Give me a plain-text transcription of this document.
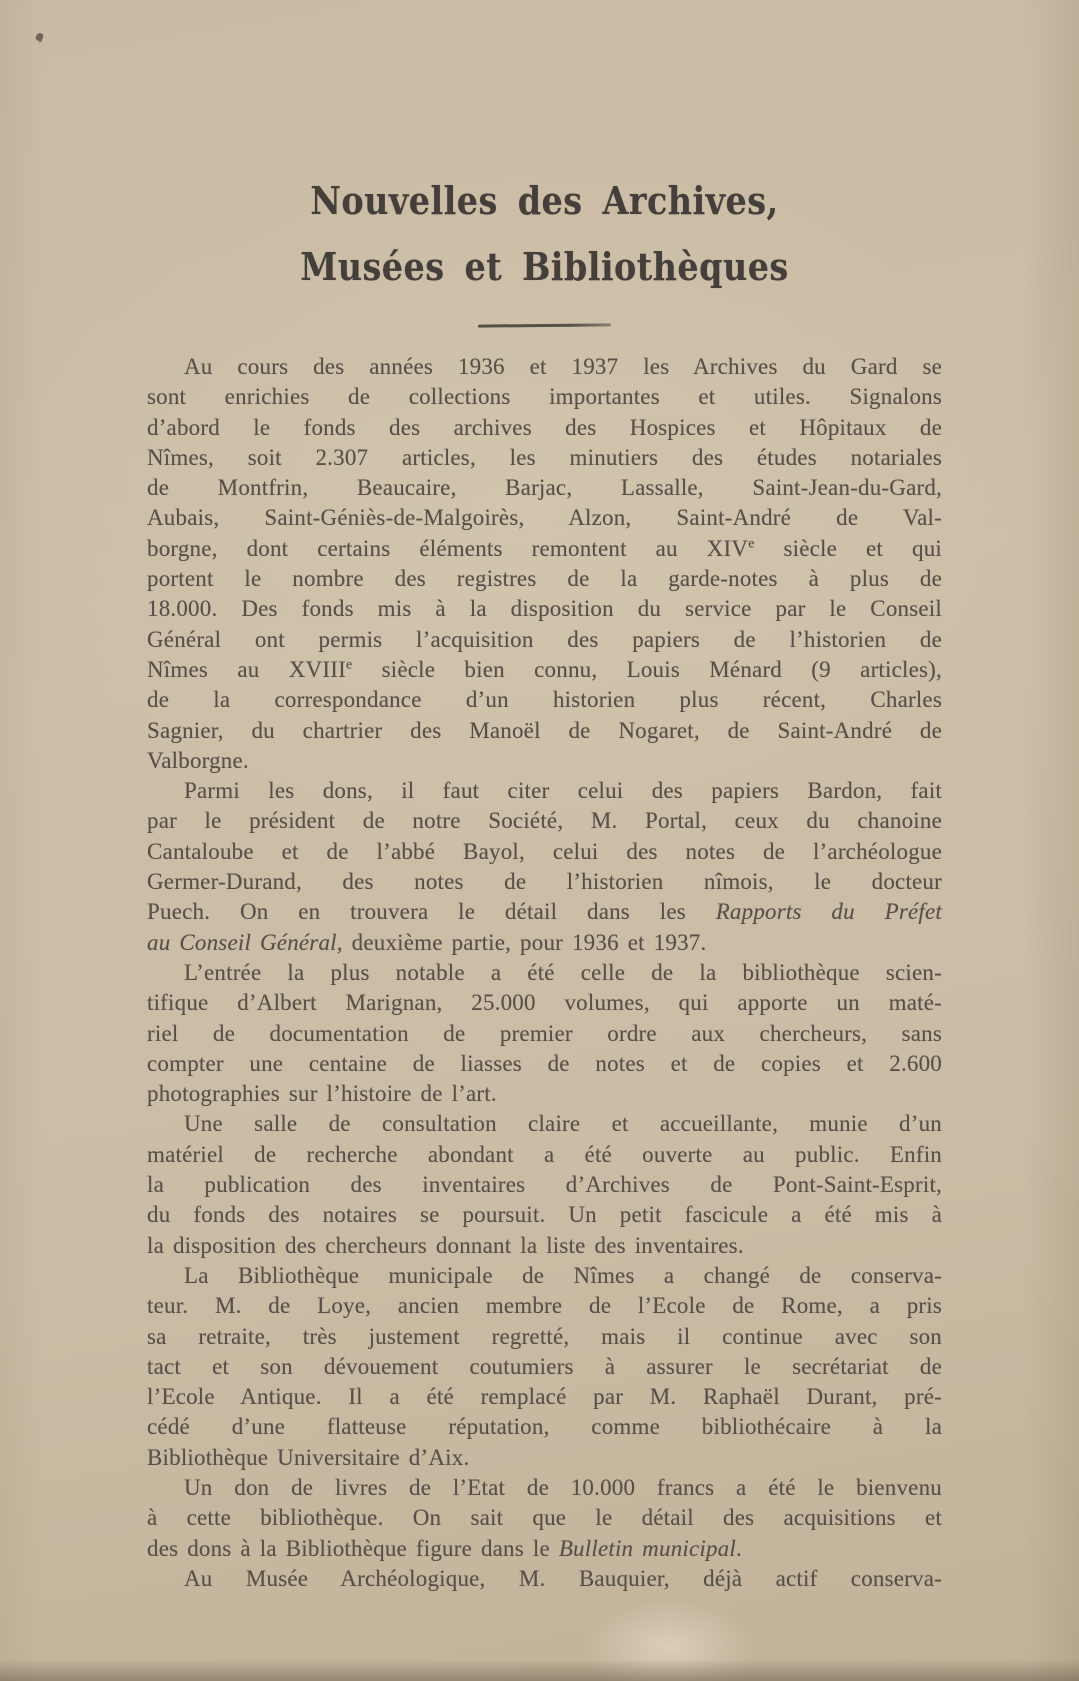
Nouvelles des Archives,
Musées et Bibliothèques
Au cours des années 1936 et 1937 les Archives du Gard se
sont enrichies de collections importantes et utiles. Signalons
d’abord le fonds des archives des Hospices et Hôpitaux de
Nîmes, soit 2.307 articles, les minutiers des études notariales
de Montfrin, Beaucaire, Barjac, Lassalle, Saint-Jean-du-Gard,
Aubais, Saint-Géniès-de-Malgoirès, Alzon, Saint-André de Val-
borgne, dont certains éléments remontent au XIVe siècle et qui
portent le nombre des registres de la garde-notes à plus de
18.000. Des fonds mis à la disposition du service par le Conseil
Général ont permis l’acquisition des papiers de l’historien de
Nîmes au XVIIIe siècle bien connu, Louis Ménard (9 articles),
de la correspondance d’un historien plus récent, Charles
Sagnier, du chartrier des Manoël de Nogaret, de Saint-André de
Valborgne.
Parmi les dons, il faut citer celui des papiers Bardon, fait
par le président de notre Société, M. Portal, ceux du chanoine
Cantaloube et de l’abbé Bayol, celui des notes de l’archéologue
Germer-Durand, des notes de l’historien nîmois, le docteur
Puech. On en trouvera le détail dans les Rapports du Préfet
au Conseil Général, deuxième partie, pour 1936 et 1937.
L’entrée la plus notable a été celle de la bibliothèque scien-
tifique d’Albert Marignan, 25.000 volumes, qui apporte un maté-
riel de documentation de premier ordre aux chercheurs, sans
compter une centaine de liasses de notes et de copies et 2.600
photographies sur l’histoire de l’art.
Une salle de consultation claire et accueillante, munie d’un
matériel de recherche abondant a été ouverte au public. Enfin
la publication des inventaires d’Archives de Pont-Saint-Esprit,
du fonds des notaires se poursuit. Un petit fascicule a été mis à
la disposition des chercheurs donnant la liste des inventaires.
La Bibliothèque municipale de Nîmes a changé de conserva-
teur. M. de Loye, ancien membre de l’Ecole de Rome, a pris
sa retraite, très justement regretté, mais il continue avec son
tact et son dévouement coutumiers à assurer le secrétariat de
l’Ecole Antique. Il a été remplacé par M. Raphaël Durant, pré-
cédé d’une flatteuse réputation, comme bibliothécaire à la
Bibliothèque Universitaire d’Aix.
Un don de livres de l’Etat de 10.000 francs a été le bienvenu
à cette bibliothèque. On sait que le détail des acquisitions et
des dons à la Bibliothèque figure dans le Bulletin municipal.
Au Musée Archéologique, M. Bauquier, déjà actif conserva-
